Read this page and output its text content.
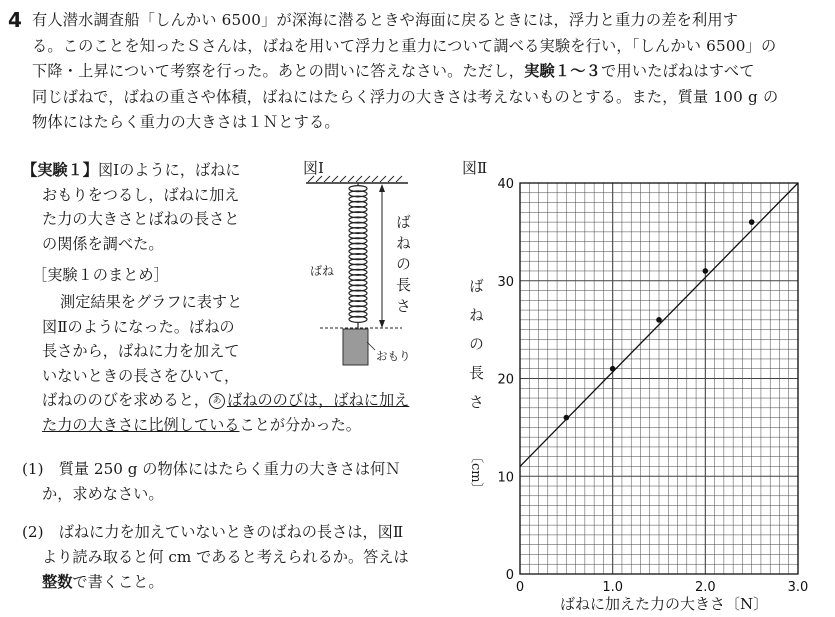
4 有人潜水調査船「しんかい 6500」が深海に潜るときや海面に戻るときには，浮力と重力の差を利用す
る。このことを知ったＳさんは，ばねを用いて浮力と重力について調べる実験を行い，「しんかい 6500」の
下降・上昇について考察を行った。あとの問いに答えなさい。ただし，実験１～３で用いたばねはすべて
同じばねで，ばねの重さや体積，ばねにはたらく浮力の大きさは考えないものとする。また，質量 100 g の
物体にはたらく重力の大きさは１Ｎとする。
【実験１】図Ⅰのように，ばねに
おもりをつるし，ばねに加え
た力の大きさとばねの長さと
の関係を調べた。
［実験１のまとめ］
測定結果をグラフに表すと
図Ⅱのようになった。ばねの
長さから，ばねに力を加えて
いないときの長さをひいて，
ばねののびを求めると， あ ばねののびは，ばねに加え
た力の大きさに比例していることが分かった。
(1)　 質量 250 g の物体にはたらく重力の大きさは何Ｎ
か，求めなさい。
(2)　 ばねに力を加えていないときのばねの長さは，図Ⅱ
より読み取ると何 cm であると考えられるか。答えは
整数で書くこと。
図Ⅰ
ばね	ばねの長さ
おもり
図Ⅱ
ばねの長さ
〔cm〕
ばねに加えた力の大きさ〔N〕
0	1.0	2.0	3.0
0
10
20
30
40
